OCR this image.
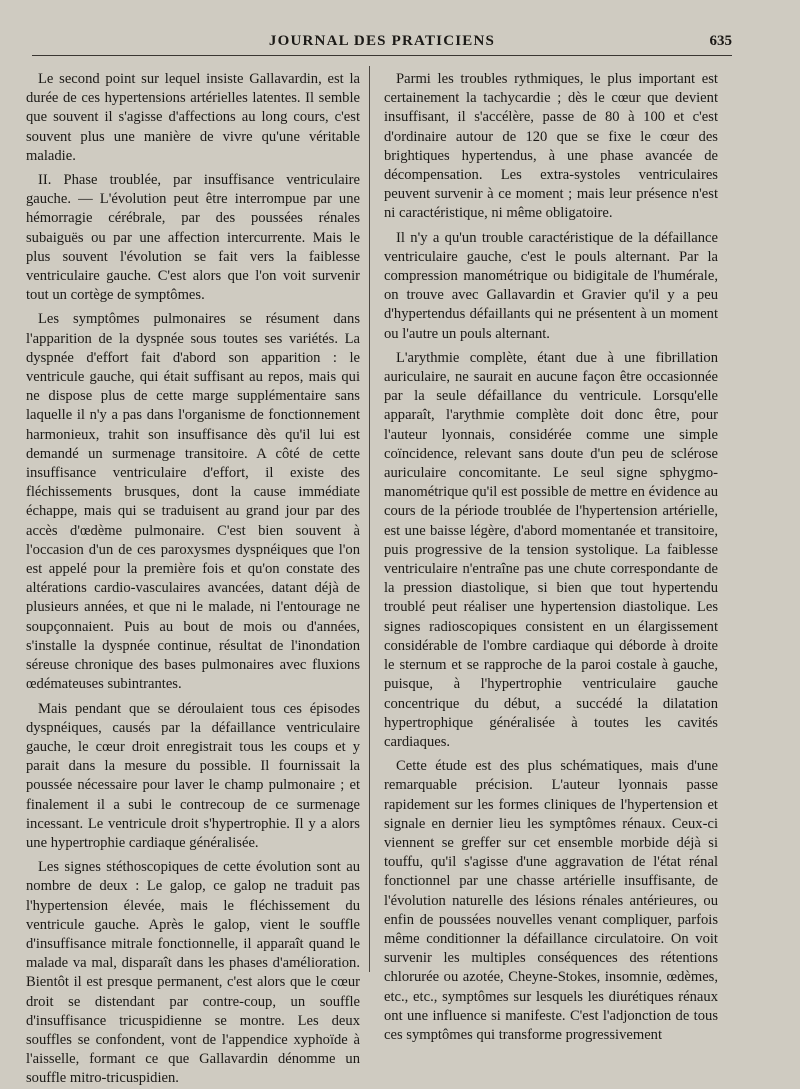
JOURNAL DES PRATICIENS	635

Le second point sur lequel insiste Gallavardin, est la durée de ces hypertensions artérielles latentes. Il semble que souvent il s'agisse d'affections au long cours, c'est souvent plus une manière de vivre qu'une véritable maladie.

II. Phase troublée, par insuffisance ventriculaire gauche. — L'évolution peut être interrompue par une hémorragie cérébrale, par des poussées rénales subaiguës ou par une affection intercurrente. Mais le plus souvent l'évolution se fait vers la faiblesse ventriculaire gauche. C'est alors que l'on voit survenir tout un cortège de symptômes.

Les symptômes pulmonaires se résument dans l'apparition de la dyspnée sous toutes ses variétés. La dyspnée d'effort fait d'abord son apparition : le ventricule gauche, qui était suffisant au repos, mais qui ne dispose plus de cette marge supplémentaire sans laquelle il n'y a pas dans l'organisme de fonctionnement harmonieux, trahit son insuffisance dès qu'il lui est demandé un surmenage transitoire. A côté de cette insuffisance ventriculaire d'effort, il existe des fléchissements brusques, dont la cause immédiate échappe, mais qui se traduisent au grand jour par des accès d'œdème pulmonaire. C'est bien souvent à l'occasion d'un de ces paroxysmes dyspnéiques que l'on est appelé pour la première fois et qu'on constate des altérations cardio-vasculaires avancées, datant déjà de plusieurs années, et que ni le malade, ni l'entourage ne soupçonnaient. Puis au bout de mois ou d'années, s'installe la dyspnée continue, résultat de l'inondation séreuse chronique des bases pulmonaires avec fluxions œdémateuses subintrantes.

Mais pendant que se déroulaient tous ces épisodes dyspnéiques, causés par la défaillance ventriculaire gauche, le cœur droit enregistrait tous les coups et y parait dans la mesure du possible. Il fournissait la poussée nécessaire pour laver le champ pulmonaire ; et finalement il a subi le contrecoup de ce surmenage incessant. Le ventricule droit s'hypertrophie. Il y a alors une hypertrophie cardiaque généralisée.

Les signes stéthoscopiques de cette évolution sont au nombre de deux : Le galop, ce galop ne traduit pas l'hypertension élevée, mais le fléchissement du ventricule gauche. Après le galop, vient le souffle d'insuffisance mitrale fonctionnelle, il apparaît quand le malade va mal, disparaît dans les phases d'amélioration. Bientôt il est presque permanent, c'est alors que le cœur droit se distendant par contre-coup, un souffle d'insuffisance tricuspidienne se montre. Les deux souffles se confondent, vont de l'appendice xyphoïde à l'aisselle, formant ce que Gallavardin dénomme un souffle mitro-tricuspidien.

Parmi les troubles rythmiques, le plus important est certainement la tachycardie ; dès le cœur que devient insuffisant, il s'accélère, passe de 80 à 100 et c'est d'ordinaire autour de 120 que se fixe le cœur des brightiques hypertendus, à une phase avancée de décompensation. Les extra-systoles ventriculaires peuvent survenir à ce moment ; mais leur présence n'est ni caractéristique, ni même obligatoire.

Il n'y a qu'un trouble caractéristique de la défaillance ventriculaire gauche, c'est le pouls alternant. Par la compression manométrique ou bidigitale de l'humérale, on trouve avec Gallavardin et Gravier qu'il y a peu d'hypertendus défaillants qui ne présentent à un moment ou l'autre un pouls alternant.

L'arythmie complète, étant due à une fibrillation auriculaire, ne saurait en aucune façon être occasionnée par la seule défaillance du ventricule. Lorsqu'elle apparaît, l'arythmie complète doit donc être, pour l'auteur lyonnais, considérée comme une simple coïncidence, relevant sans doute d'un peu de sclérose auriculaire concomitante. Le seul signe sphygmo-manométrique qu'il est possible de mettre en évidence au cours de la période troublée de l'hypertension artérielle, est une baisse légère, d'abord momentanée et transitoire, puis progressive de la tension systolique. La faiblesse ventriculaire n'entraîne pas une chute correspondante de la pression diastolique, si bien que tout hypertendu troublé peut réaliser une hypertension diastolique. Les signes radioscopiques consistent en un élargissement considérable de l'ombre cardiaque qui déborde à droite le sternum et se rapproche de la paroi costale à gauche, puisque, à l'hypertrophie ventriculaire gauche concentrique du début, a succédé la dilatation hypertrophique généralisée à toutes les cavités cardiaques.

Cette étude est des plus schématiques, mais d'une remarquable précision. L'auteur lyonnais passe rapidement sur les formes cliniques de l'hypertension et signale en dernier lieu les symptômes rénaux. Ceux-ci viennent se greffer sur cet ensemble morbide déjà si touffu, qu'il s'agisse d'une aggravation de l'état rénal fonctionnel par une chasse artérielle insuffisante, de l'évolution naturelle des lésions rénales antérieures, ou enfin de poussées nouvelles venant compliquer, parfois même conditionner la défaillance circulatoire. On voit survenir les multiples conséquences des rétentions chlorurée ou azotée, Cheyne-Stokes, insomnie, œdèmes, etc., etc., symptômes sur lesquels les diurétiques rénaux ont une influence si manifeste. C'est l'adjonction de tous ces symptômes qui transforme progressivement
